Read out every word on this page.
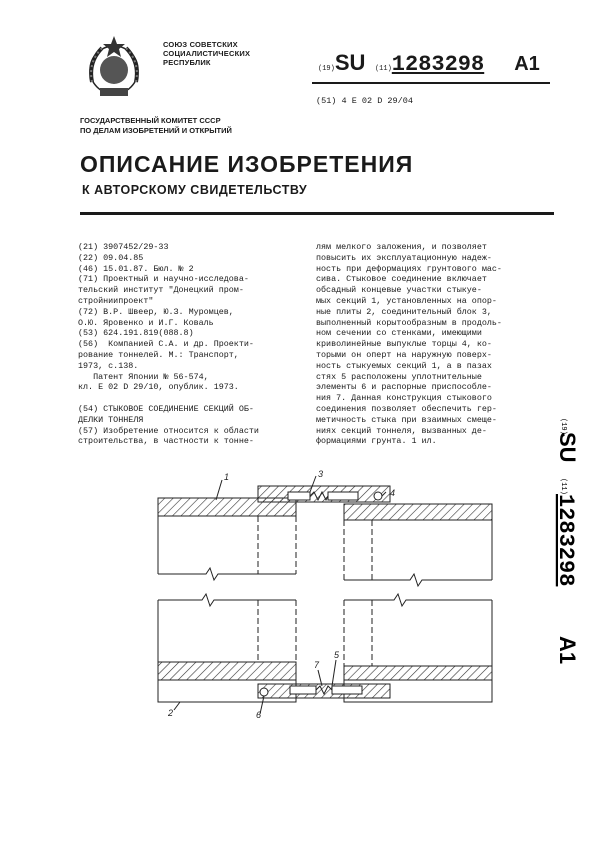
СОЮЗ СОВЕТСКИХ
СОЦИАЛИСТИЧЕСКИХ
РЕСПУБЛИК
(19)SU (11)1283298 A1
(51) 4 E 02 D 29/04
ГОСУДАРСТВЕННЫЙ КОМИТЕТ СССР
ПО ДЕЛАМ ИЗОБРЕТЕНИЙ И ОТКРЫТИЙ
ОПИСАНИЕ ИЗОБРЕТЕНИЯ
К АВТОРСКОМУ СВИДЕТЕЛЬСТВУ
(21) 3907452/29-33
(22) 09.04.85
(46) 15.01.87. Бюл. № 2
(71) Проектный и научно-исследова-
тельский институт "Донецкий пром-
стройниипроект"
(72) В.Р. Швеер, Ю.З. Муромцев,
О.Ю. Яровенко и И.Г. Коваль
(53) 624.191.819(088.8)
(56)  Компанией С.А. и др. Проекти-
рование тоннелей. М.: Транспорт,
1973, с.138.
Патент Японии № 56-574,
кл. E 02 D 29/10, опублик. 1973.
(54) СТЫКОВОЕ СОЕДИНЕНИЕ СЕКЦИЙ ОБ-
ДЕЛКИ ТОННЕЛЯ
(57) Изобретение относится к области
строительства, в частности к тонне-
лям мелкого заложения, и позволяет
повысить их эксплуатационную надеж-
ность при деформациях грунтового мас-
сива. Стыковое соединение включает
обсадный концевые участки стыкуе-
мых секций 1, установленных на опор-
ные плиты 2, соединительный блок 3,
выполненный корытообразным в продоль-
ном сечении со стенками, имеющими
криволинейные выпуклые торцы 4, ко-
торыми он оперт на наружную поверх-
ность стыкуемых секций 1, а в пазах
стях 5 расположены уплотнительные
элементы 6 и распорные приспособле-
ния 7. Данная конструкция стыкового
соединения позволяет обеспечить гер-
метичность стыка при взаимных смеще-
ниях секций тоннеля, вызванных де-
формациями грунта. 1 ил.
(19)
SU
(11)
1283298
A1
1	3
4
5
7
2	6
